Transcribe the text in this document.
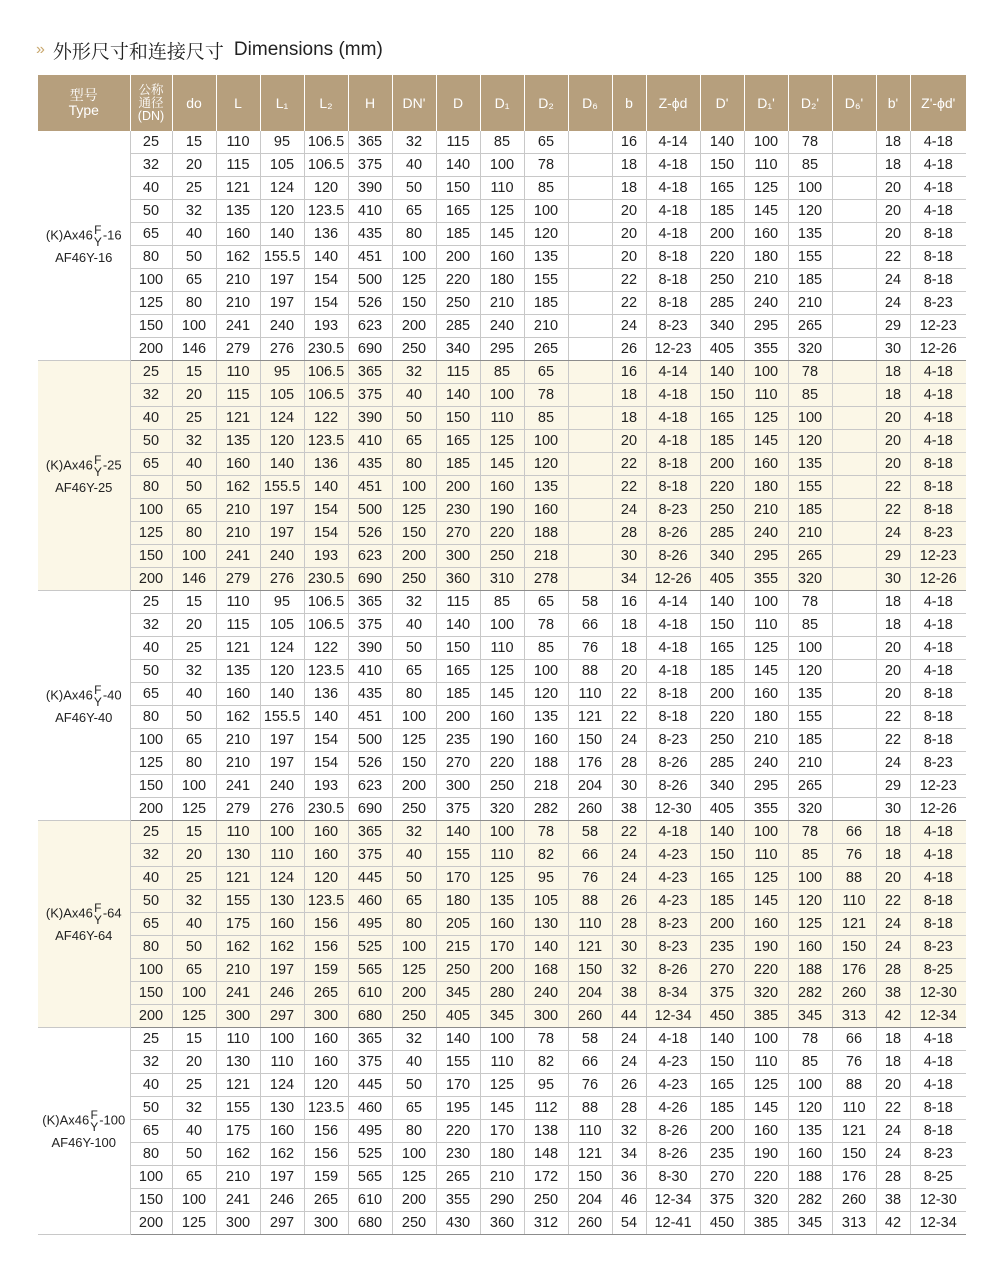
» 外形尺寸和连接尺寸 Dimensions (mm)
型号
Type	公称
通径
(DN)	do	L	L₁	L₂	H	DN'	D	D₁	D₂	D₆	b	Z-ϕd	D'	D₁'	D₂'	D₆'	b'	Z'-ϕd'

(K)Ax46 F
Y -16
AF46Y-16	25	15	110	95	106.5	365	32	115	85	65		16	4-14	140	100	78		18	4-18
	32	20	115	105	106.5	375	40	140	100	78		18	4-18	150	110	85		18	4-18
	40	25	121	124	120	390	50	150	110	85		18	4-18	165	125	100		20	4-18
	50	32	135	120	123.5	410	65	165	125	100		20	4-18	185	145	120		20	4-18
	65	40	160	140	136	435	80	185	145	120		20	4-18	200	160	135		20	8-18
	80	50	162	155.5	140	451	100	200	160	135		20	8-18	220	180	155		22	8-18
	100	65	210	197	154	500	125	220	180	155		22	8-18	250	210	185		24	8-18
	125	80	210	197	154	526	150	250	210	185		22	8-18	285	240	210		24	8-23
	150	100	241	240	193	623	200	285	240	210		24	8-23	340	295	265		29	12-23
	200	146	279	276	230.5	690	250	340	295	265		26	12-23	405	355	320		30	12-26

(K)Ax46 F
Y -25
AF46Y-25	25	15	110	95	106.5	365	32	115	85	65		16	4-14	140	100	78		18	4-18
	32	20	115	105	106.5	375	40	140	100	78		18	4-18	150	110	85		18	4-18
	40	25	121	124	122	390	50	150	110	85		18	4-18	165	125	100		20	4-18
	50	32	135	120	123.5	410	65	165	125	100		20	4-18	185	145	120		20	4-18
	65	40	160	140	136	435	80	185	145	120		22	8-18	200	160	135		20	8-18
	80	50	162	155.5	140	451	100	200	160	135		22	8-18	220	180	155		22	8-18
	100	65	210	197	154	500	125	230	190	160		24	8-23	250	210	185		22	8-18
	125	80	210	197	154	526	150	270	220	188		28	8-26	285	240	210		24	8-23
	150	100	241	240	193	623	200	300	250	218		30	8-26	340	295	265		29	12-23
	200	146	279	276	230.5	690	250	360	310	278		34	12-26	405	355	320		30	12-26

(K)Ax46 F
Y -40
AF46Y-40	25	15	110	95	106.5	365	32	115	85	65	58	16	4-14	140	100	78		18	4-18
	32	20	115	105	106.5	375	40	140	100	78	66	18	4-18	150	110	85		18	4-18
	40	25	121	124	122	390	50	150	110	85	76	18	4-18	165	125	100		20	4-18
	50	32	135	120	123.5	410	65	165	125	100	88	20	4-18	185	145	120		20	4-18
	65	40	160	140	136	435	80	185	145	120	110	22	8-18	200	160	135		20	8-18
	80	50	162	155.5	140	451	100	200	160	135	121	22	8-18	220	180	155		22	8-18
	100	65	210	197	154	500	125	235	190	160	150	24	8-23	250	210	185		22	8-18
	125	80	210	197	154	526	150	270	220	188	176	28	8-26	285	240	210		24	8-23
	150	100	241	240	193	623	200	300	250	218	204	30	8-26	340	295	265		29	12-23
	200	125	279	276	230.5	690	250	375	320	282	260	38	12-30	405	355	320		30	12-26

(K)Ax46 F
Y -64
AF46Y-64	25	15	110	100	160	365	32	140	100	78	58	22	4-18	140	100	78	66	18	4-18
	32	20	130	110	160	375	40	155	110	82	66	24	4-23	150	110	85	76	18	4-18
	40	25	121	124	120	445	50	170	125	95	76	24	4-23	165	125	100	88	20	4-18
	50	32	155	130	123.5	460	65	180	135	105	88	26	4-23	185	145	120	110	22	8-18
	65	40	175	160	156	495	80	205	160	130	110	28	8-23	200	160	125	121	24	8-18
	80	50	162	162	156	525	100	215	170	140	121	30	8-23	235	190	160	150	24	8-23
	100	65	210	197	159	565	125	250	200	168	150	32	8-26	270	220	188	176	28	8-25
	150	100	241	246	265	610	200	345	280	240	204	38	8-34	375	320	282	260	38	12-30
	200	125	300	297	300	680	250	405	345	300	260	44	12-34	450	385	345	313	42	12-34

(K)Ax46 F
Y -100
AF46Y-100	25	15	110	100	160	365	32	140	100	78	58	24	4-18	140	100	78	66	18	4-18
	32	20	130	110	160	375	40	155	110	82	66	24	4-23	150	110	85	76	18	4-18
	40	25	121	124	120	445	50	170	125	95	76	26	4-23	165	125	100	88	20	4-18
	50	32	155	130	123.5	460	65	195	145	112	88	28	4-26	185	145	120	110	22	8-18
	65	40	175	160	156	495	80	220	170	138	110	32	8-26	200	160	135	121	24	8-18
	80	50	162	162	156	525	100	230	180	148	121	34	8-26	235	190	160	150	24	8-23
	100	65	210	197	159	565	125	265	210	172	150	36	8-30	270	220	188	176	28	8-25
	150	100	241	246	265	610	200	355	290	250	204	46	12-34	375	320	282	260	38	12-30
	200	125	300	297	300	680	250	430	360	312	260	54	12-41	450	385	345	313	42	12-34
